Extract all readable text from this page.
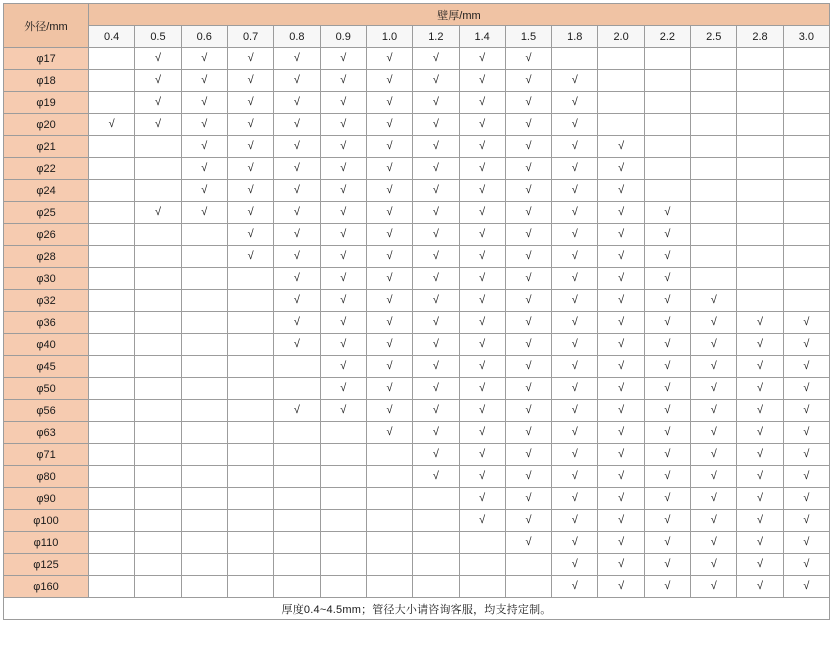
外径/mm	壁厚/mm															
	0.4	0.5	0.6	0.7	0.8	0.9	1.0	1.2	1.4	1.5	1.8	2.0	2.2	2.5	2.8	3.0
φ17		√	√	√	√	√	√	√	√	√						
φ18		√	√	√	√	√	√	√	√	√	√					
φ19		√	√	√	√	√	√	√	√	√	√					
φ20	√	√	√	√	√	√	√	√	√	√	√					
φ21			√	√	√	√	√	√	√	√	√	√				
φ22			√	√	√	√	√	√	√	√	√	√				
φ24			√	√	√	√	√	√	√	√	√	√				
φ25		√	√	√	√	√	√	√	√	√	√	√	√			
φ26				√	√	√	√	√	√	√	√	√	√			
φ28				√	√	√	√	√	√	√	√	√	√			
φ30					√	√	√	√	√	√	√	√	√			
φ32					√	√	√	√	√	√	√	√	√	√		
φ36					√	√	√	√	√	√	√	√	√	√	√	√
φ40					√	√	√	√	√	√	√	√	√	√	√	√
φ45						√	√	√	√	√	√	√	√	√	√	√
φ50						√	√	√	√	√	√	√	√	√	√	√
φ56					√	√	√	√	√	√	√	√	√	√	√	√
φ63							√	√	√	√	√	√	√	√	√	√
φ71								√	√	√	√	√	√	√	√	√
φ80								√	√	√	√	√	√	√	√	√
φ90									√	√	√	√	√	√	√	√
φ100									√	√	√	√	√	√	√	√
φ110										√	√	√	√	√	√	√
φ125											√	√	√	√	√	√
φ160											√	√	√	√	√	√
厚度0.4~4.5mm；管径大小请咨询客服，均支持定制。																
